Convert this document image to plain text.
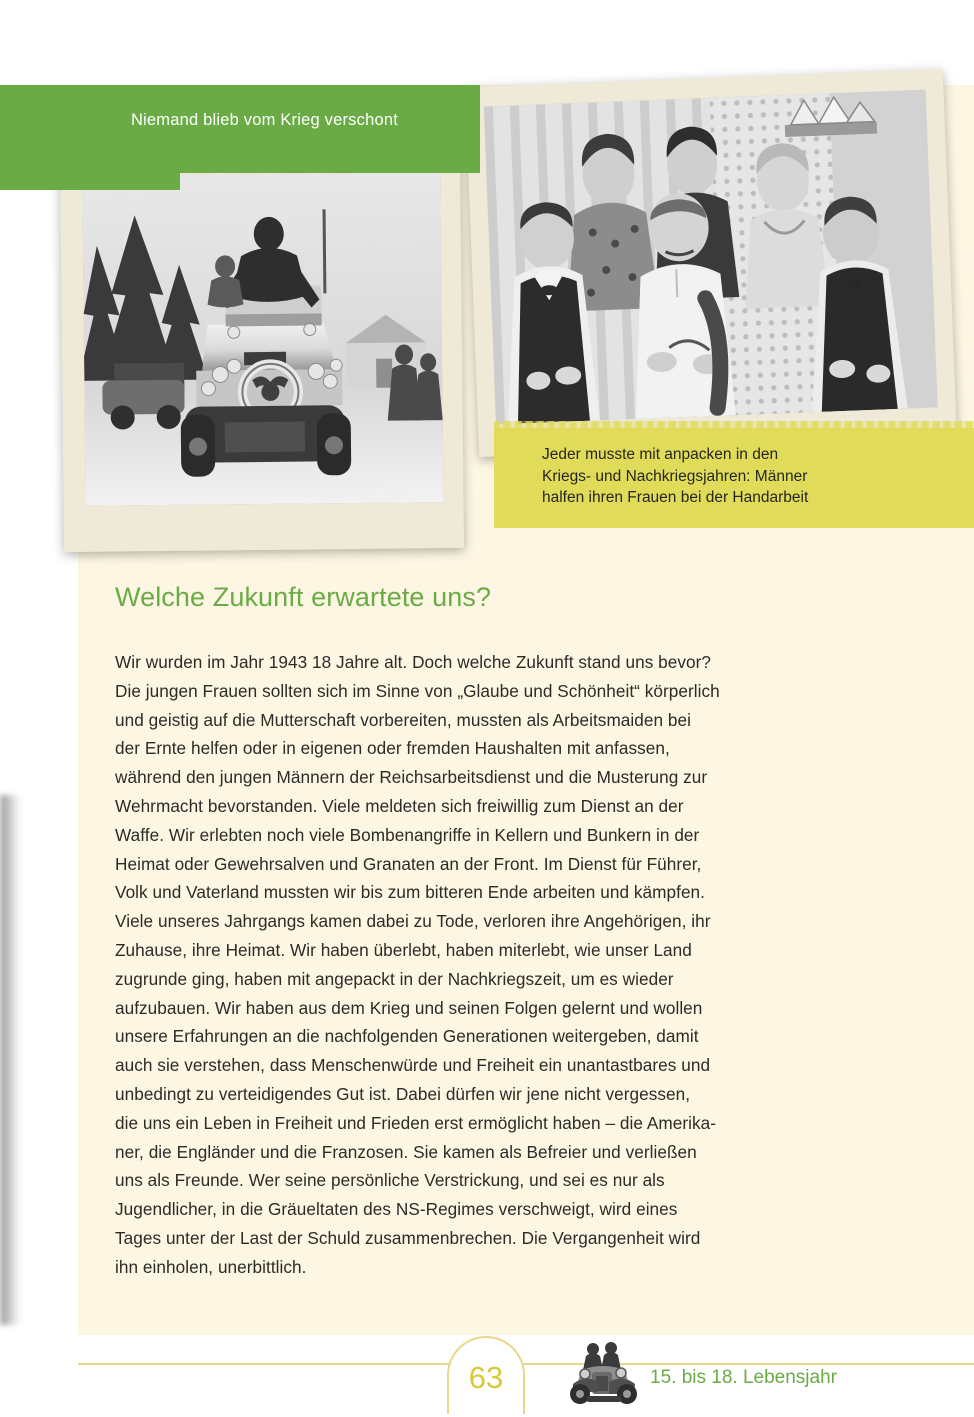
Niemand blieb vom Krieg verschont
Jeder musste mit anpacken in den
Kriegs- und Nachkriegsjahren: Männer
halfen ihren Frauen bei der Handarbeit
Welche Zukunft erwartete uns?
Wir wurden im Jahr 1943 18 Jahre alt. Doch welche Zukunft stand uns bevor?
Die jungen Frauen sollten sich im Sinne von „Glaube und Schönheit“ körperlich
und geistig auf die Mutterschaft vorbereiten, mussten als Arbeitsmaiden bei
der Ernte helfen oder in eigenen oder fremden Haushalten mit anfassen,
während den jungen Männern der Reichsarbeitsdienst und die Musterung zur
Wehrmacht bevorstanden. Viele meldeten sich freiwillig zum Dienst an der
Waffe. Wir erlebten noch viele Bombenangriffe in Kellern und Bunkern in der
Heimat oder Gewehrsalven und Granaten an der Front. Im Dienst für Führer,
Volk und Vaterland mussten wir bis zum bitteren Ende arbeiten und kämpfen.
Viele unseres Jahrgangs kamen dabei zu Tode, verloren ihre Angehörigen, ihr
Zuhause, ihre Heimat. Wir haben überlebt, haben miterlebt, wie unser Land
zugrunde ging, haben mit angepackt in der Nachkriegszeit, um es wieder
aufzubauen. Wir haben aus dem Krieg und seinen Folgen gelernt und wollen
unsere Erfahrungen an die nachfolgenden Generationen weitergeben, damit
auch sie verstehen, dass Menschenwürde und Freiheit ein unantastbares und
unbedingt zu verteidigendes Gut ist. Dabei dürfen wir jene nicht vergessen,
die uns ein Leben in Freiheit und Frieden erst ermöglicht haben – die Amerika-
ner, die Engländer und die Franzosen. Sie kamen als Befreier und verließen
uns als Freunde. Wer seine persönliche Verstrickung, und sei es nur als
Jugendlicher, in die Gräueltaten des NS-Regimes verschweigt, wird eines
Tages unter der Last der Schuld zusammenbrechen. Die Vergangenheit wird
ihn einholen, unerbittlich.
63	15. bis 18. Lebensjahr
